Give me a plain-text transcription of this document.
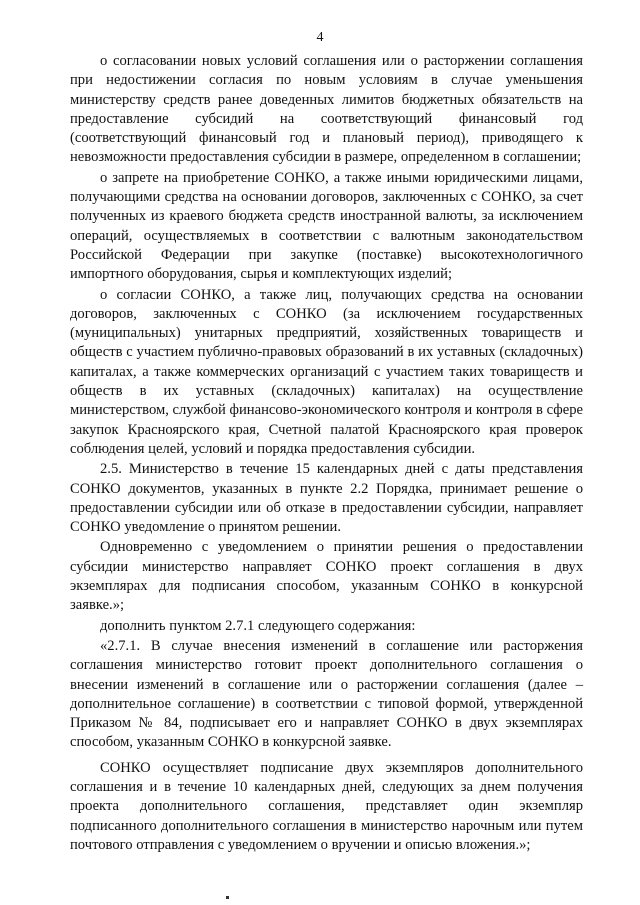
4

о согласовании новых условий соглашения или о расторжении соглашения при недостижении согласия по новым условиям в случае уменьшения министерству средств ранее доведенных лимитов бюджетных обязательств на предоставление субсидий на соответствующий финансовый год (соответствующий финансовый год и плановый период), приводящего к невозможности предоставления субсидии в размере, определенном в соглашении;

о запрете на приобретение СОНКО, а также иными юридическими лицами, получающими средства на основании договоров, заключенных с СОНКО, за счет полученных из краевого бюджета средств иностранной валюты, за исключением операций, осуществляемых в соответствии с валютным законодательством Российской Федерации при закупке (поставке) высокотехнологичного импортного оборудования, сырья и комплектующих изделий;

о согласии СОНКО, а также лиц, получающих средства на основании договоров, заключенных с СОНКО (за исключением государственных (муниципальных) унитарных предприятий, хозяйственных товариществ и обществ с участием публично-правовых образований в их уставных (складочных) капиталах, а также коммерческих организаций с участием таких товариществ и обществ в их уставных (складочных) капиталах) на осуществление министерством, службой финансово-экономического контроля и контроля в сфере закупок Красноярского края, Счетной палатой Красноярского края проверок соблюдения целей, условий и порядка предоставления субсидии.

2.5. Министерство в течение 15 календарных дней с даты представления СОНКО документов, указанных в пункте 2.2 Порядка, принимает решение о предоставлении субсидии или об отказе в предоставлении субсидии, направляет СОНКО уведомление о принятом решении.

Одновременно с уведомлением о принятии решения о предоставлении субсидии министерство направляет СОНКО проект соглашения в двух экземплярах для подписания способом, указанным СОНКО в конкурсной заявке.»;

дополнить пунктом 2.7.1 следующего содержания:

«2.7.1. В случае внесения изменений в соглашение или расторжения соглашения министерство готовит проект дополнительного соглашения о внесении изменений в соглашение или о расторжении соглашения (далее – дополнительное соглашение) в соответствии с типовой формой, утвержденной Приказом № 84, подписывает его и направляет СОНКО в двух экземплярах способом, указанным СОНКО в конкурсной заявке.

СОНКО осуществляет подписание двух экземпляров дополнительного соглашения и в течение 10 календарных дней, следующих за днем получения проекта дополнительного соглашения, представляет один экземпляр подписанного дополнительного соглашения в министерство нарочным или путем почтового отправления с уведомлением о вручении и описью вложения.»;
